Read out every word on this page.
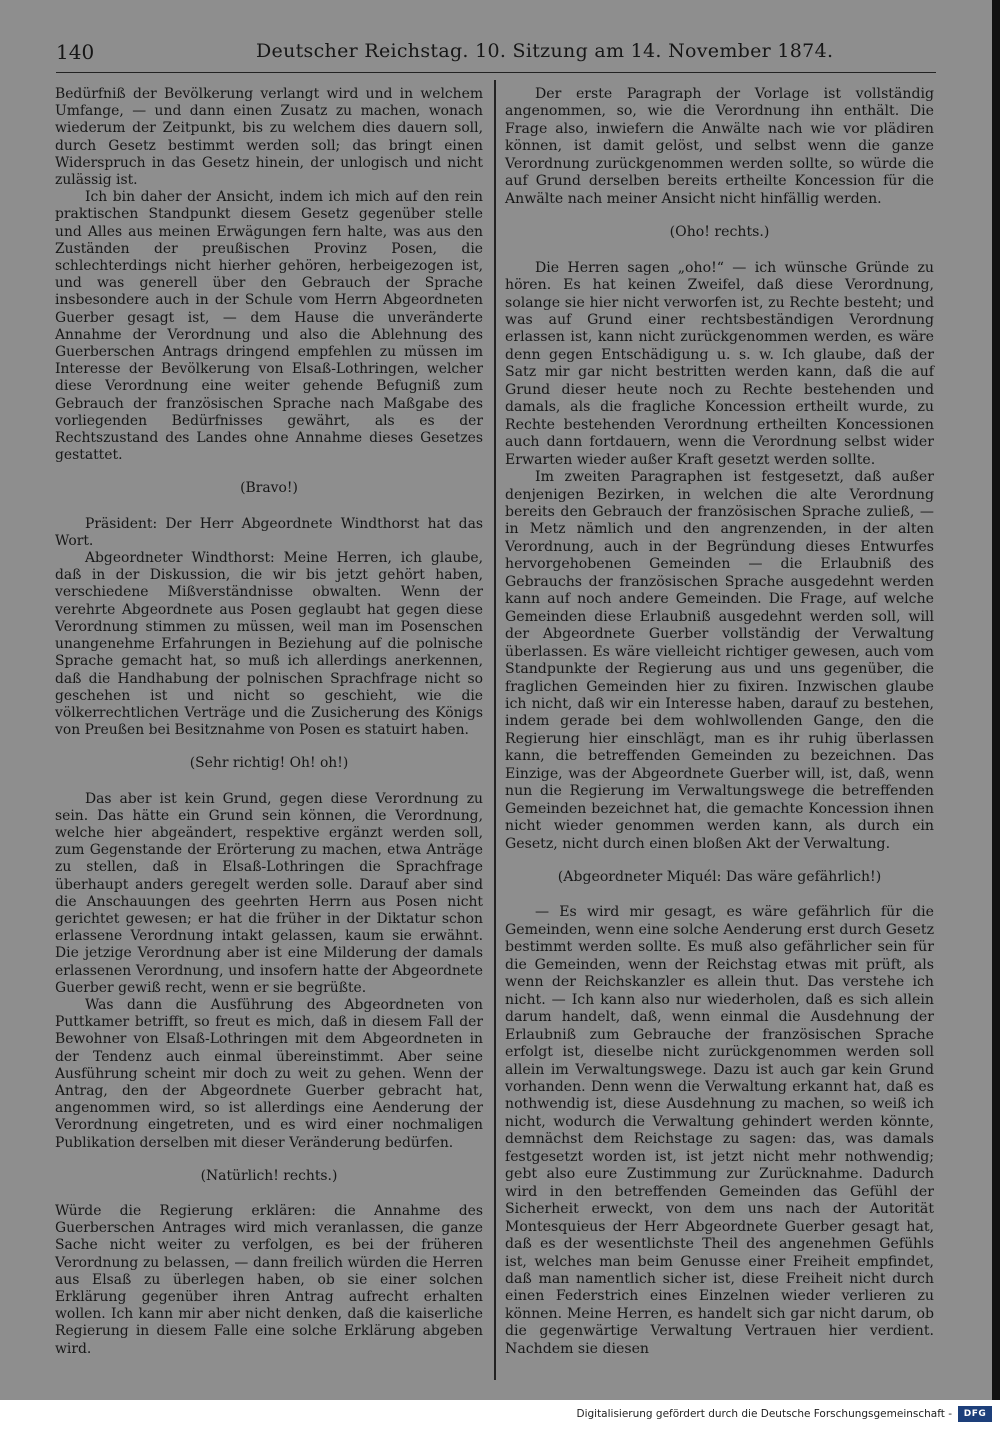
140	Deutscher Reichstag. 10. Sitzung am 14. November 1874.

Bedürfniß der Bevölkerung verlangt wird und in welchem Umfange, — und dann einen Zusatz zu machen, wonach wiederum der Zeitpunkt, bis zu welchem dies dauern soll, durch Gesetz bestimmt werden soll; das bringt einen Widerspruch in das Gesetz hinein, der unlogisch und nicht zulässig ist.

Ich bin daher der Ansicht, indem ich mich auf den rein praktischen Standpunkt diesem Gesetz gegenüber stelle und Alles aus meinen Erwägungen fern halte, was aus den Zuständen der preußischen Provinz Posen, die schlechterdings nicht hierher gehören, herbeigezogen ist, und was generell über den Gebrauch der Sprache insbesondere auch in der Schule vom Herrn Abgeordneten Guerber gesagt ist, — dem Hause die unveränderte Annahme der Verordnung und also die Ablehnung des Guerberschen Antrags dringend empfehlen zu müssen im Interesse der Bevölkerung von Elsaß-Lothringen, welcher diese Verordnung eine weiter gehende Befugniß zum Gebrauch der französischen Sprache nach Maßgabe des vorliegenden Bedürfnisses gewährt, als es der Rechtszustand des Landes ohne Annahme dieses Gesetzes gestattet.

(Bravo!)

Präsident: Der Herr Abgeordnete Windthorst hat das Wort.

Abgeordneter Windthorst: Meine Herren, ich glaube, daß in der Diskussion, die wir bis jetzt gehört haben, verschiedene Mißverständnisse obwalten. Wenn der verehrte Abgeordnete aus Posen geglaubt hat gegen diese Verordnung stimmen zu müssen, weil man im Posenschen unangenehme Erfahrungen in Beziehung auf die polnische Sprache gemacht hat, so muß ich allerdings anerkennen, daß die Handhabung der polnischen Sprachfrage nicht so geschehen ist und nicht so geschieht, wie die völkerrechtlichen Verträge und die Zusicherung des Königs von Preußen bei Besitznahme von Posen es statuirt haben.

(Sehr richtig! Oh! oh!)

Das aber ist kein Grund, gegen diese Verordnung zu sein. Das hätte ein Grund sein können, die Verordnung, welche hier abgeändert, respektive ergänzt werden soll, zum Gegenstande der Erörterung zu machen, etwa Anträge zu stellen, daß in Elsaß-Lothringen die Sprachfrage überhaupt anders geregelt werden solle. Darauf aber sind die Anschauungen des geehrten Herrn aus Posen nicht gerichtet gewesen; er hat die früher in der Diktatur schon erlassene Verordnung intakt gelassen, kaum sie erwähnt. Die jetzige Verordnung aber ist eine Milderung der damals erlassenen Verordnung, und insofern hatte der Abgeordnete Guerber gewiß recht, wenn er sie begrüßte.

Was dann die Ausführung des Abgeordneten von Puttkamer betrifft, so freut es mich, daß in diesem Fall der Bewohner von Elsaß-Lothringen mit dem Abgeordneten in der Tendenz auch einmal übereinstimmt. Aber seine Ausführung scheint mir doch zu weit zu gehen. Wenn der Antrag, den der Abgeordnete Guerber gebracht hat, angenommen wird, so ist allerdings eine Aenderung der Verordnung eingetreten, und es wird einer nochmaligen Publikation derselben mit dieser Veränderung bedürfen.

(Natürlich! rechts.)

Würde die Regierung erklären: die Annahme des Guerberschen Antrages wird mich veranlassen, die ganze Sache nicht weiter zu verfolgen, es bei der früheren Verordnung zu belassen, — dann freilich würden die Herren aus Elsaß zu überlegen haben, ob sie einer solchen Erklärung gegenüber ihren Antrag aufrecht erhalten wollen. Ich kann mir aber nicht denken, daß die kaiserliche Regierung in diesem Falle eine solche Erklärung abgeben wird.

Der erste Paragraph der Vorlage ist vollständig angenommen, so, wie die Verordnung ihn enthält. Die Frage also, inwiefern die Anwälte nach wie vor plädiren können, ist damit gelöst, und selbst wenn die ganze Verordnung zurückgenommen werden sollte, so würde die auf Grund derselben bereits ertheilte Koncession für die Anwälte nach meiner Ansicht nicht hinfällig werden.

(Oho! rechts.)

Die Herren sagen „oho!“ — ich wünsche Gründe zu hören. Es hat keinen Zweifel, daß diese Verordnung, solange sie hier nicht verworfen ist, zu Rechte besteht; und was auf Grund einer rechtsbeständigen Verordnung erlassen ist, kann nicht zurückgenommen werden, es wäre denn gegen Entschädigung u. s. w. Ich glaube, daß der Satz mir gar nicht bestritten werden kann, daß die auf Grund dieser heute noch zu Rechte bestehenden und damals, als die fragliche Koncession ertheilt wurde, zu Rechte bestehenden Verordnung ertheilten Koncessionen auch dann fortdauern, wenn die Verordnung selbst wider Erwarten wieder außer Kraft gesetzt werden sollte.

Im zweiten Paragraphen ist festgesetzt, daß außer denjenigen Bezirken, in welchen die alte Verordnung bereits den Gebrauch der französischen Sprache zuließ, — in Metz nämlich und den angrenzenden, in der alten Verordnung, auch in der Begründung dieses Entwurfes hervorgehobenen Gemeinden — die Erlaubniß des Gebrauchs der französischen Sprache ausgedehnt werden kann auf noch andere Gemeinden. Die Frage, auf welche Gemeinden diese Erlaubniß ausgedehnt werden soll, will der Abgeordnete Guerber vollständig der Verwaltung überlassen. Es wäre vielleicht richtiger gewesen, auch vom Standpunkte der Regierung aus und uns gegenüber, die fraglichen Gemeinden hier zu fixiren. Inzwischen glaube ich nicht, daß wir ein Interesse haben, darauf zu bestehen, indem gerade bei dem wohlwollenden Gange, den die Regierung hier einschlägt, man es ihr ruhig überlassen kann, die betreffenden Gemeinden zu bezeichnen. Das Einzige, was der Abgeordnete Guerber will, ist, daß, wenn nun die Regierung im Verwaltungswege die betreffenden Gemeinden bezeichnet hat, die gemachte Koncession ihnen nicht wieder genommen werden kann, als durch ein Gesetz, nicht durch einen bloßen Akt der Verwaltung.

(Abgeordneter Miquél: Das wäre gefährlich!)

— Es wird mir gesagt, es wäre gefährlich für die Gemeinden, wenn eine solche Aenderung erst durch Gesetz bestimmt werden sollte. Es muß also gefährlicher sein für die Gemeinden, wenn der Reichstag etwas mit prüft, als wenn der Reichskanzler es allein thut. Das verstehe ich nicht. — Ich kann also nur wiederholen, daß es sich allein darum handelt, daß, wenn einmal die Ausdehnung der Erlaubniß zum Gebrauche der französischen Sprache erfolgt ist, dieselbe nicht zurückgenommen werden soll allein im Verwaltungswege. Dazu ist auch gar kein Grund vorhanden. Denn wenn die Verwaltung erkannt hat, daß es nothwendig ist, diese Ausdehnung zu machen, so weiß ich nicht, wodurch die Verwaltung gehindert werden könnte, demnächst dem Reichstage zu sagen: das, was damals festgesetzt worden ist, ist jetzt nicht mehr nothwendig; gebt also eure Zustimmung zur Zurücknahme. Dadurch wird in den betreffenden Gemeinden das Gefühl der Sicherheit erweckt, von dem uns nach der Autorität Montesquieus der Herr Abgeordnete Guerber gesagt hat, daß es der wesentlichste Theil des angenehmen Gefühls ist, welches man beim Genusse einer Freiheit empfindet, daß man namentlich sicher ist, diese Freiheit nicht durch einen Federstrich eines Einzelnen wieder verlieren zu können. Meine Herren, es handelt sich gar nicht darum, ob die gegenwärtige Verwaltung Vertrauen hier verdient. Nachdem sie diesen

Digitalisierung gefördert durch die Deutsche Forschungsgemeinschaft -	DFG
